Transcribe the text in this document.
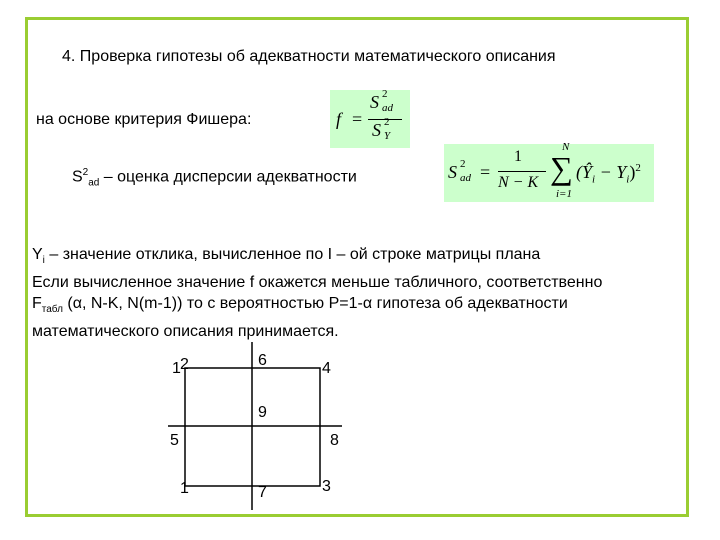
4. Проверка гипотезы об адекватности математического описания
на основе критерия Фишера:	f =
S 2
ad
S 2
Y
$S^2_{ad}$ – оценка дисперсии адекватности	S 2
ad =
1
N − K
N
∑
i=1
$(Ŷ_i - Y_i)^2$
$Y_i$ – значение отклика, вычисленное по I – ой строке матрицы плана
Если вычисленное значение f окажется меньше табличного, соответственно
$F_{табл}$ (α, N-K, N(m-1)) то с вероятностью P=1-α гипотеза об адекватности
математического описания принимается.
1 2	6	4
9
5	8
1	7	3
